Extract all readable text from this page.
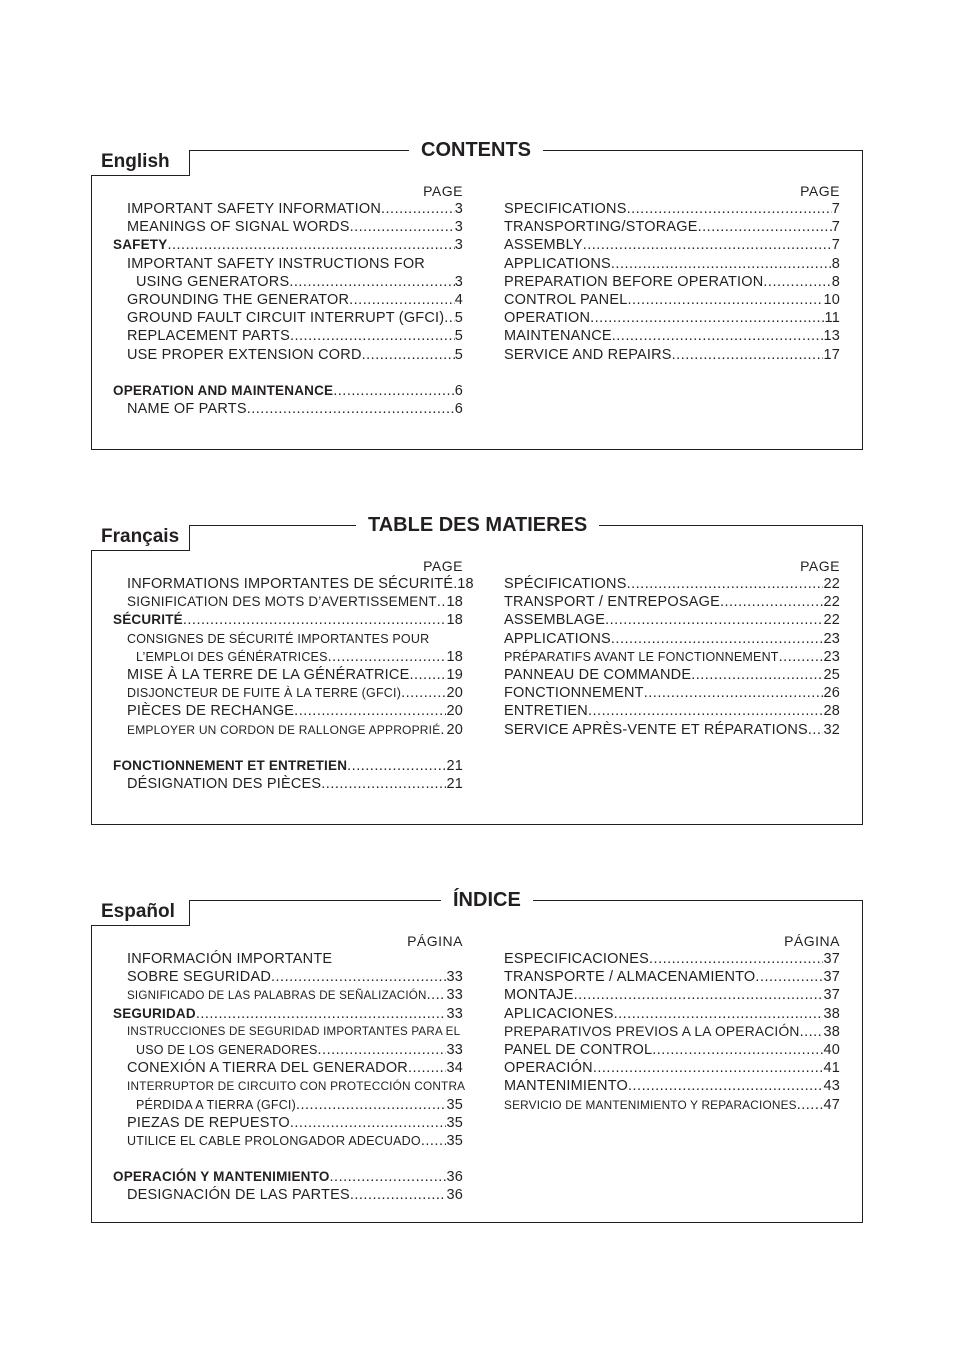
English
CONTENTS
PAGE
IMPORTANT SAFETY INFORMATION .....	3
MEANINGS OF SIGNAL WORDS .....	3
SAFETY .....	3
IMPORTANT SAFETY INSTRUCTIONS FOR
USING GENERATORS .....	3
GROUNDING THE GENERATOR .....	4
GROUND FAULT CIRCUIT INTERRUPT (GFCI) ..... 5
REPLACEMENT PARTS .....	5
USE PROPER EXTENSION CORD .....	5
OPERATION AND MAINTENANCE .....	6
NAME OF PARTS .....	6
PAGE
SPECIFICATIONS .....	7
TRANSPORTING/STORAGE .....	7
ASSEMBLY .....	7
APPLICATIONS .....	8
PREPARATION BEFORE OPERATION .....	8
CONTROL PANEL .....	10
OPERATION .....	11
MAINTENANCE .....	13
SERVICE AND REPAIRS .....	17
Français
TABLE DES MATIERES
PAGE
INFORMATIONS IMPORTANTES DE SÉCURITÉ ..... 18
SIGNIFICATION DES MOTS D’AVERTISSEMENT ..... 18
SÉCURITÉ .....	18
CONSIGNES DE SÉCURITÉ IMPORTANTES POUR
L’EMPLOI DES GÉNÉRATRICES .....	18
MISE À LA TERRE DE LA GÉNÉRATRICE .....	19
DISJONCTEUR DE FUITE À LA TERRE (GFCI) .....	20
PIÈCES DE RECHANGE .....	20
EMPLOYER UN CORDON DE RALLONGE APPROPRIÉ ..... 20
FONCTIONNEMENT ET ENTRETIEN .....	21
DÉSIGNATION DES PIÈCES .....	21
PAGE
SPÉCIFICATIONS .....	22
TRANSPORT / ENTREPOSAGE .....	22
ASSEMBLAGE .....	22
APPLICATIONS .....	23
PRÉPARATIFS AVANT LE FONCTIONNEMENT .....	23
PANNEAU DE COMMANDE .....	25
FONCTIONNEMENT .....	26
ENTRETIEN .....	28
SERVICE APRÈS-VENTE ET RÉPARATIONS ..... 32
Español
ÍNDICE
PÁGINA
INFORMACIÓN IMPORTANTE
SOBRE SEGURIDAD .....	33
SIGNIFICADO DE LAS PALABRAS DE SEÑALIZACIÓN ..... 33
SEGURIDAD .....	33
INSTRUCCIONES DE SEGURIDAD IMPORTANTES PARA EL
USO DE LOS GENERADORES .....	33
CONEXIÓN A TIERRA DEL GENERADOR .....	34
INTERRUPTOR DE CIRCUITO CON PROTECCIÓN CONTRA
PÉRDIDA A TIERRA (GFCI) .....	35
PIEZAS DE REPUESTO .....	35
UTILICE EL CABLE PROLONGADOR ADECUADO ..... 35
OPERACIÓN Y MANTENIMIENTO .....	36
DESIGNACIÓN DE LAS PARTES .....	36
PÁGINA
ESPECIFICACIONES .....	37
TRANSPORTE / ALMACENAMIENTO .....	37
MONTAJE .....	37
APLICACIONES .....	38
PREPARATIVOS PREVIOS A LA OPERACIÓN ..... 38
PANEL DE CONTROL .....	40
OPERACIÓN .....	41
MANTENIMIENTO .....	43
SERVICIO DE MANTENIMIENTO Y REPARACIONES ..... 47
